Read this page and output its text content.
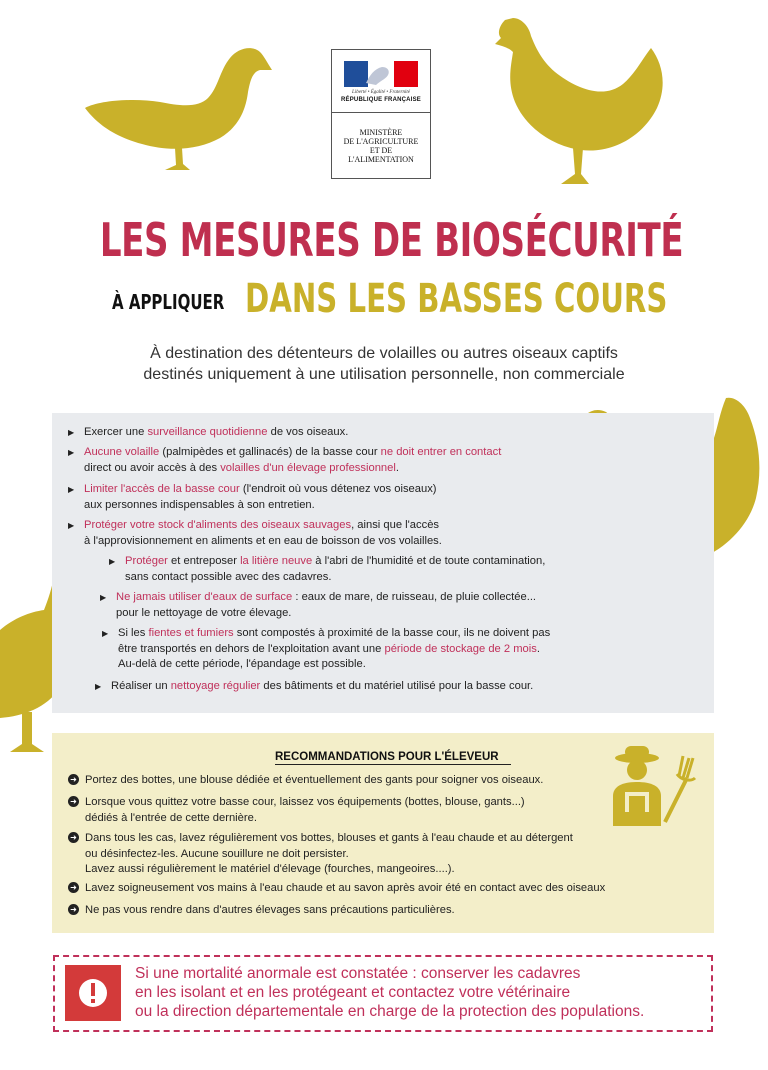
Liberté • Égalité • Fraternité
RÉPUBLIQUE FRANÇAISE
MINISTÈRE
DE L'AGRICULTURE
ET DE
L'ALIMENTATION
LES MESURES DE BIOSÉCURITÉ
À APPLIQUER DANS LES BASSES COURS
À destination des détenteurs de volailles ou autres oiseaux captifs
destinés uniquement à une utilisation personnelle, non commerciale
▶ Exercer une surveillance quotidienne de vos oiseaux.
▶ Aucune volaille (palmipèdes et gallinacés) de la basse cour ne doit entrer en contact
direct ou avoir accès à des volailles d'un élevage professionnel.
▶ Limiter l'accès de la basse cour (l'endroit où vous détenez vos oiseaux)
aux personnes indispensables à son entretien.
▶ Protéger votre stock d'aliments des oiseaux sauvages, ainsi que l'accès
à l'approvisionnement en aliments et en eau de boisson de vos volailles.
▶ Protéger et entreposer la litière neuve à l'abri de l'humidité et de toute contamination,
sans contact possible avec des cadavres.
▶ Ne jamais utiliser d'eaux de surface : eaux de mare, de ruisseau, de pluie collectée...
pour le nettoyage de votre élevage.
▶ Si les fientes et fumiers sont compostés à proximité de la basse cour, ils ne doivent pas
être transportés en dehors de l'exploitation avant une période de stockage de 2 mois.
Au-delà de cette période, l'épandage est possible.
▶ Réaliser un nettoyage régulier des bâtiments et du matériel utilisé pour la basse cour.
RECOMMANDATIONS POUR L'ÉLEVEUR
➜ Portez des bottes, une blouse dédiée et éventuellement des gants pour soigner vos oiseaux.
➜ Lorsque vous quittez votre basse cour, laissez vos équipements (bottes, blouse, gants...)
dédiés à l'entrée de cette dernière.
➜ Dans tous les cas, lavez régulièrement vos bottes, blouses et gants à l'eau chaude et au détergent
ou désinfectez-les. Aucune souillure ne doit persister.
Lavez aussi régulièrement le matériel d'élevage (fourches, mangeoires....).
➜ Lavez soigneusement vos mains à l'eau chaude et au savon après avoir été en contact avec des oiseaux
➜ Ne pas vous rendre dans d'autres élevages sans précautions particulières.
Si une mortalité anormale est constatée : conserver les cadavres
en les isolant et en les protégeant et contactez votre vétérinaire
ou la direction départementale en charge de la protection des populations.
